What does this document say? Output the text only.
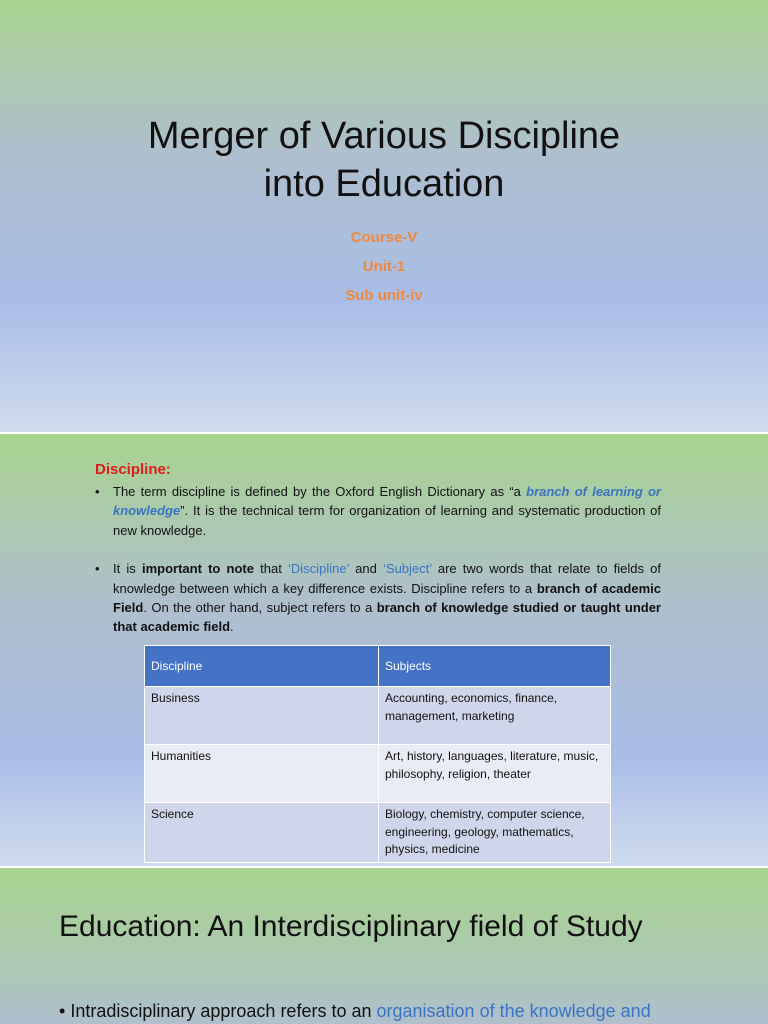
Merger of Various Discipline
into Education
Course-V
Unit-1
Sub unit-iv
Discipline:
• The term discipline is defined by the Oxford English Dictionary as “a branch of learning or knowledge”. It is the technical term for organization of learning and systematic production of new knowledge.
• It is important to note that ‘Discipline’ and ‘Subject’ are two words that relate to fields of knowledge between which a key difference exists. Discipline refers to a branch of academic Field. On the other hand, subject refers to a branch of knowledge studied or taught under that academic field.
Discipline	Subjects
Business	Accounting, economics, finance, management, marketing
Humanities	Art, history, languages, literature, music, philosophy, religion, theater
Science	Biology, chemistry, computer science, engineering, geology, mathematics, physics, medicine
Education: An Interdisciplinary field of Study
• Intradisciplinary approach refers to an organisation of the knowledge and
